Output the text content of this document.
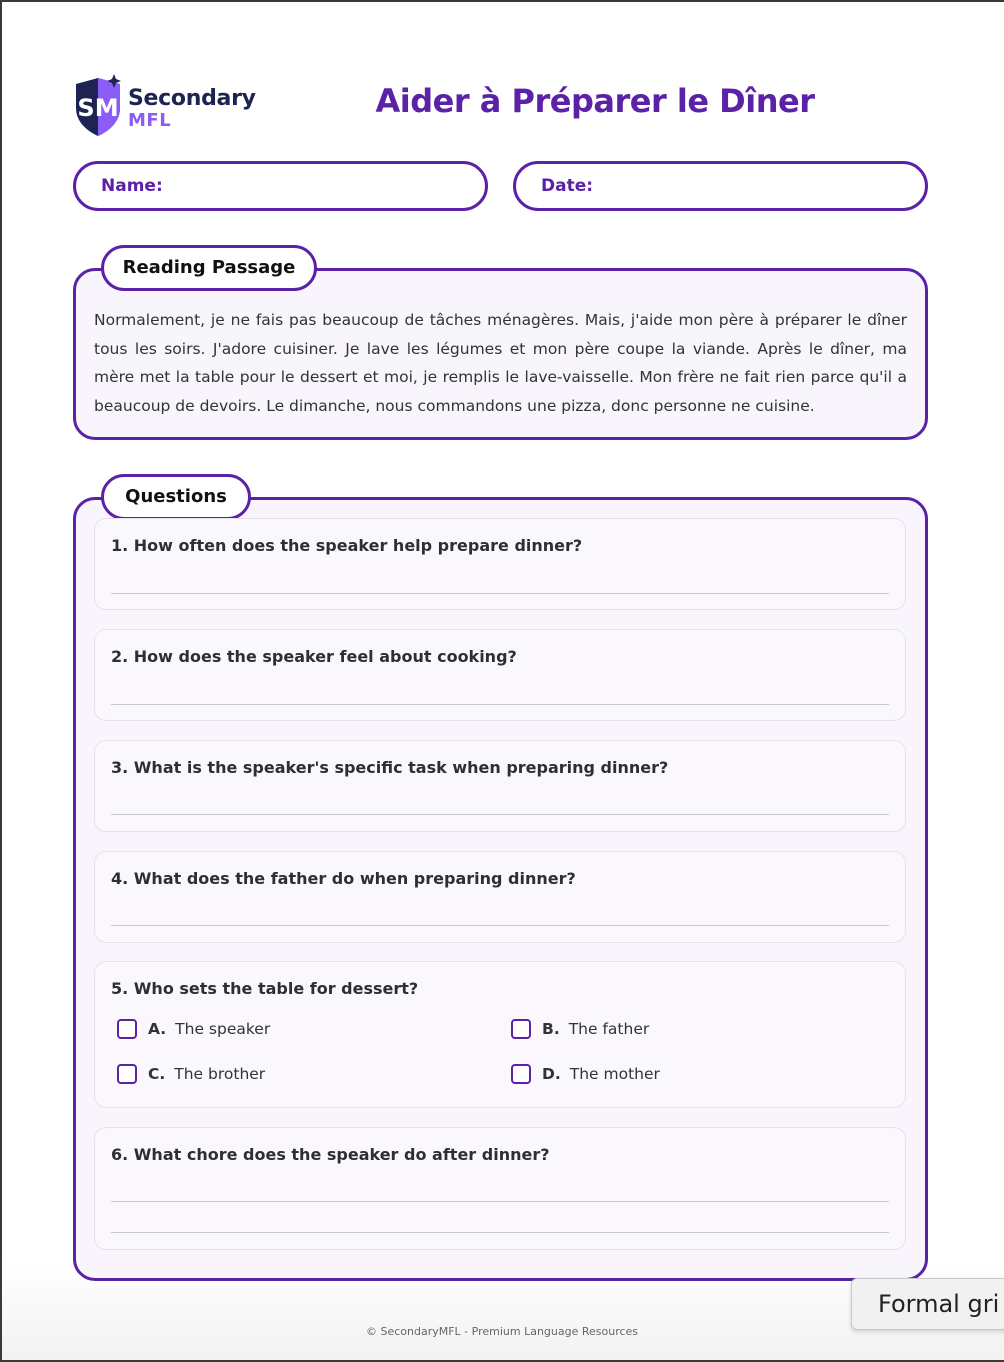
SM Secondary
MFL
Aider à Préparer le Dîner
Name:	Date:
Reading Passage

Normalement, je ne fais pas beaucoup de tâches ménagères. Mais, j'aide mon père à préparer le dîner tous les soirs. J'adore cuisiner. Je lave les légumes et mon père coupe la viande. Après le dîner, ma mère met la table pour le dessert et moi, je remplis le lave-vaisselle. Mon frère ne fait rien parce qu'il a beaucoup de devoirs. Le dimanche, nous commandons une pizza, donc personne ne cuisine.

Questions
1. How often does the speaker help prepare dinner?
2. How does the speaker feel about cooking?
3. What is the speaker's specific task when preparing dinner?
4. What does the father do when preparing dinner?
5. Who sets the table for dessert?
A. The speaker	B. The father
C. The brother	D. The mother
6. What chore does the speaker do after dinner?
© SecondaryMFL - Premium Language Resources
Formal gri
